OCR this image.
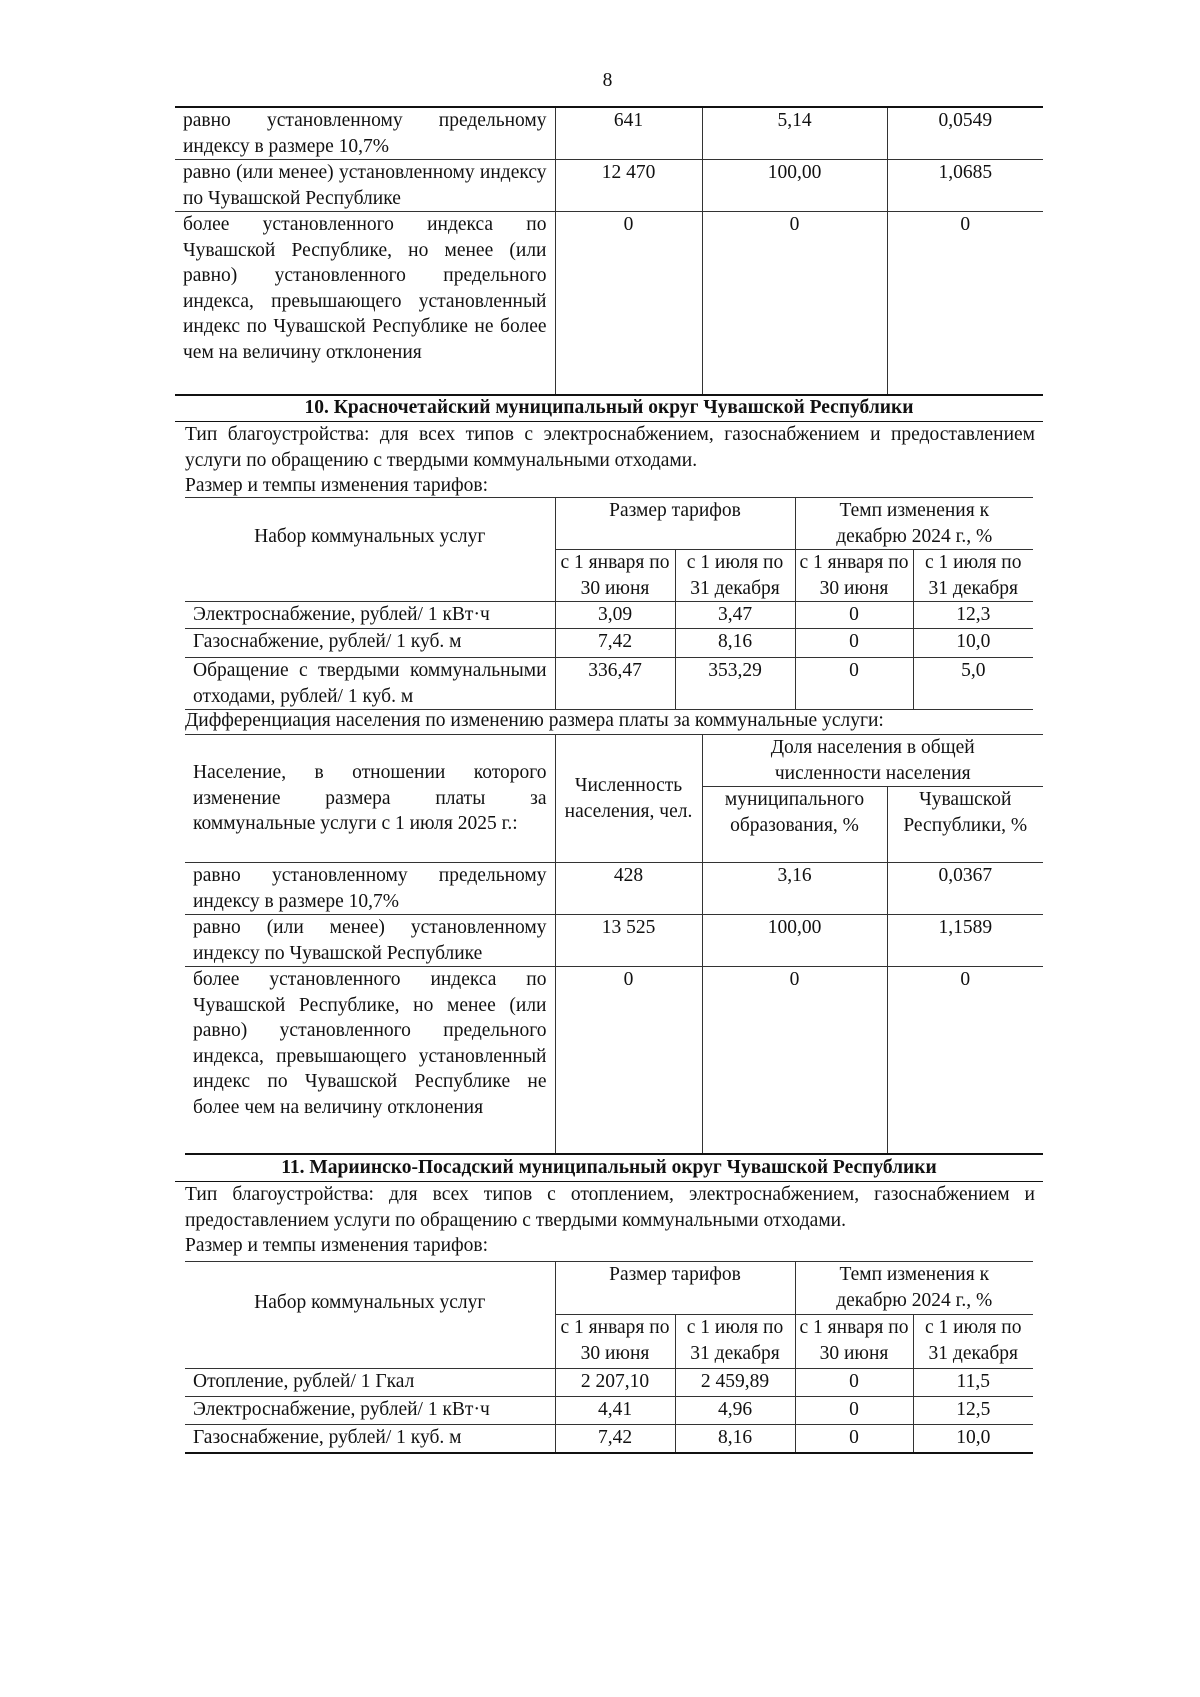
8
равно установленному предельному индексу в размере 10,7%	641	5,14	0,0549
равно (или менее) установленному индексу по Чувашской Республике	12 470	100,00	1,0685
более установленного индекса по Чувашской Республике, но менее (или равно) установленного предельного индекса, превышающего установленный индекс по Чувашской Республике не более чем на величину отклонения	0	0	0
10. Красночетайский муниципальный округ Чувашской Республики
Тип благоустройства: для всех типов с электроснабжением, газоснабжением и предоставлением услуги по обращению с твердыми коммунальными отходами.
Размер и темпы изменения тарифов:
Набор коммунальных услуг	Размер тарифов		Темп изменения к декабрю 2024 г., %	
	с 1 января по 30 июня	с 1 июля по 31 декабря	с 1 января по 30 июня	с 1 июля по 31 декабря
Электроснабжение, рублей/ 1 кВт·ч	3,09	3,47	0	12,3
Газоснабжение, рублей/ 1 куб. м	7,42	8,16	0	10,0
Обращение с твердыми коммунальными отходами, рублей/ 1 куб. м	336,47	353,29	0	5,0
Дифференциация населения по изменению размера платы за коммунальные услуги:
Население, в отношении которого изменение размера платы за коммунальные услуги с 1 июля 2025 г.:	Численность населения, чел.	Доля населения в общей численности населения	
		муниципального образования, %	Чувашской Республики, %
равно установленному предельному индексу в размере 10,7%	428	3,16	0,0367
равно (или менее) установленному индексу по Чувашской Республике	13 525	100,00	1,1589
более установленного индекса по Чувашской Республике, но менее (или равно) установленного предельного индекса, превышающего установленный индекс по Чувашской Республике не более чем на величину отклонения	0	0	0
11. Мариинско-Посадский муниципальный округ Чувашской Республики
Тип благоустройства: для всех типов с отоплением, электроснабжением, газоснабжением и предоставлением услуги по обращению с твердыми коммунальными отходами.
Размер и темпы изменения тарифов:
Набор коммунальных услуг	Размер тарифов		Темп изменения к декабрю 2024 г., %	
	с 1 января по 30 июня	с 1 июля по 31 декабря	с 1 января по 30 июня	с 1 июля по 31 декабря
Отопление, рублей/ 1 Гкал	2 207,10	2 459,89	0	11,5
Электроснабжение, рублей/ 1 кВт·ч	4,41	4,96	0	12,5
Газоснабжение, рублей/ 1 куб. м	7,42	8,16	0	10,0
